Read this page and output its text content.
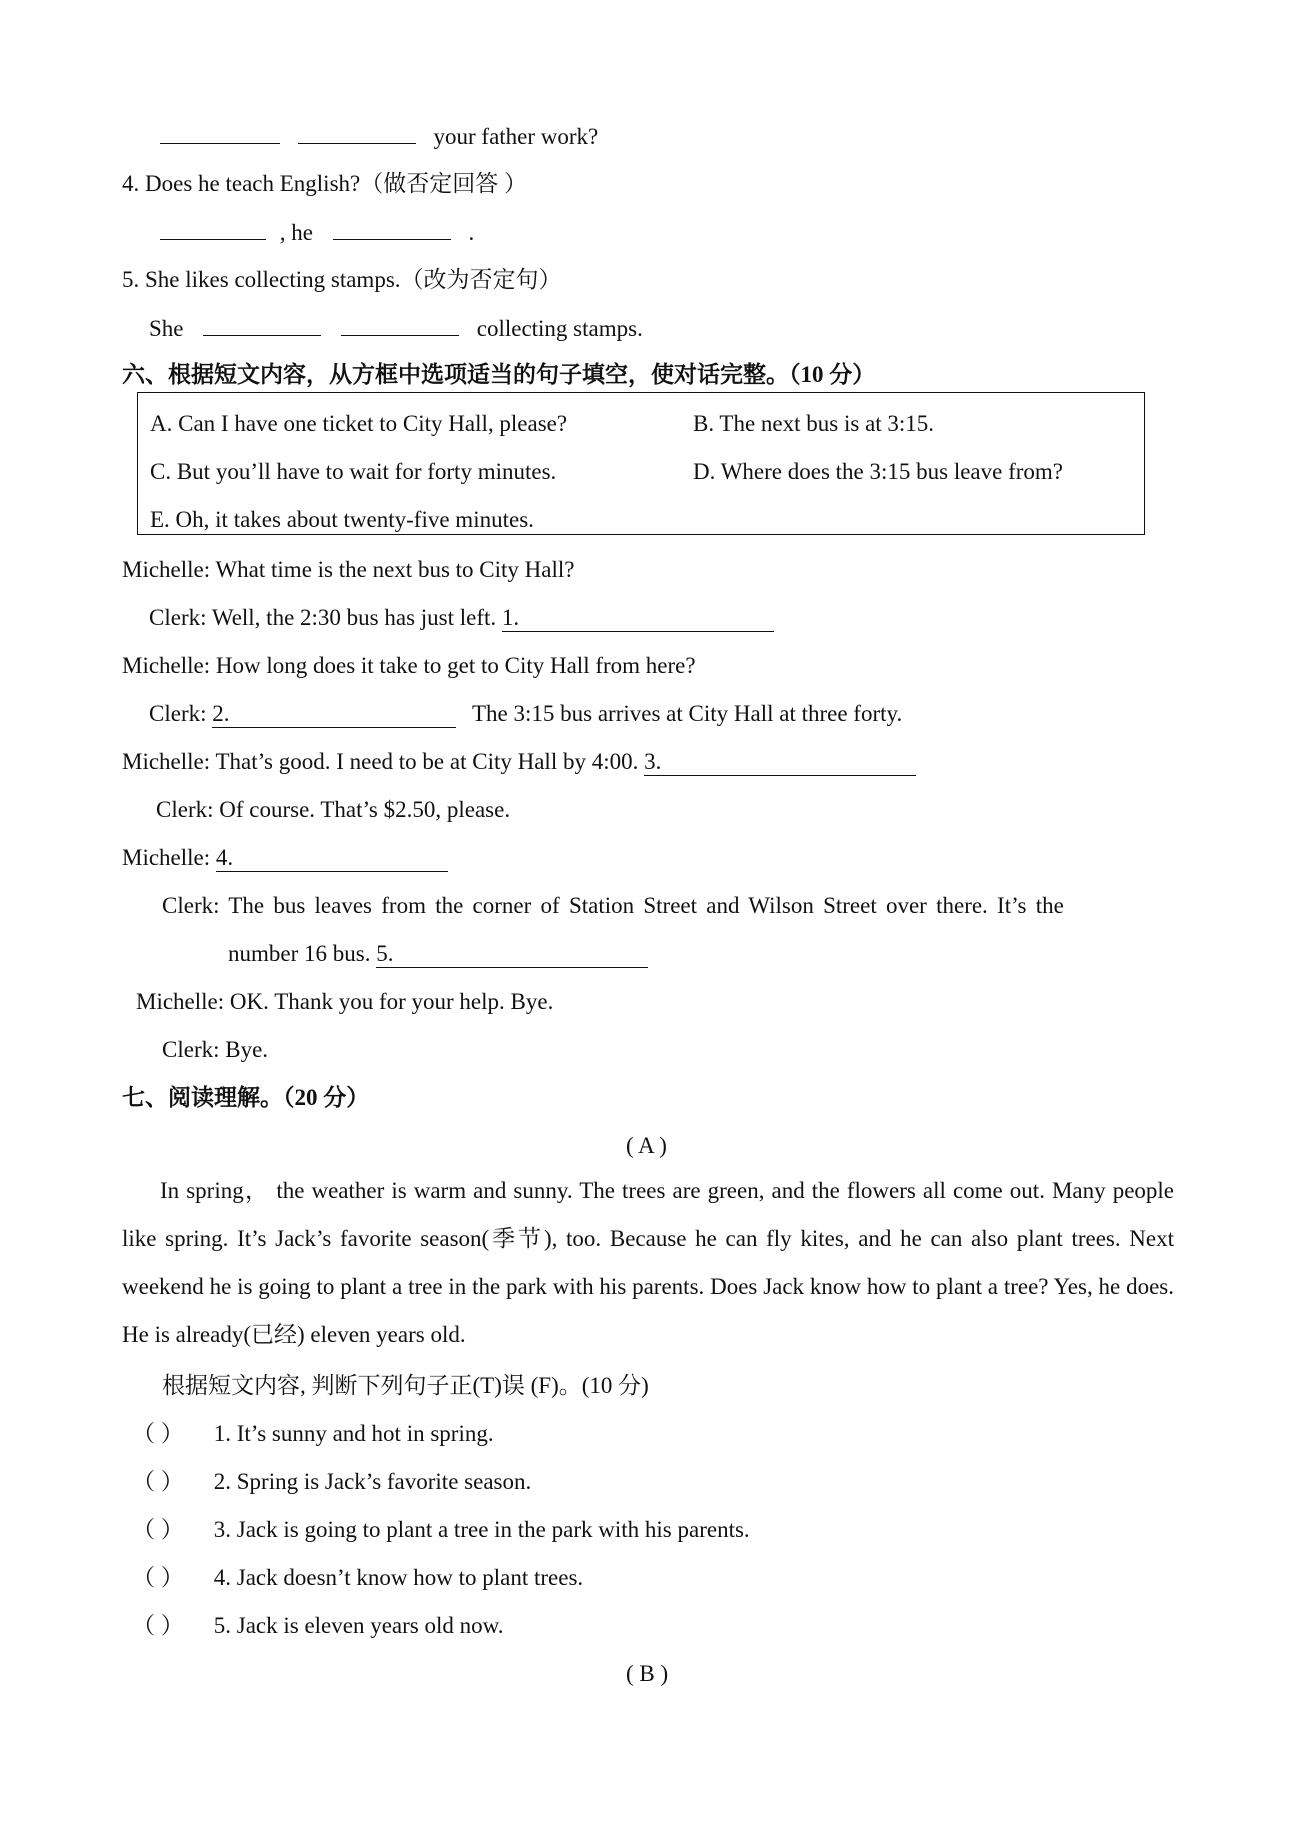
your father work?
4. Does he teach English?（做否定回答 ）
, he	.
5. She likes collecting stamps.（改为否定句）
She	collecting stamps.
六、根据短文内容，从方框中选项适当的句子填空，使对话完整。（10 分）
A. Can I have one ticket to City Hall, please?	B. The next bus is at 3:15.
C. But you’ll have to wait for forty minutes.	D. Where does the 3:15 bus leave from?
E. Oh, it takes about twenty-five minutes.
Michelle: What time is the next bus to City Hall?
Clerk: Well, the 2:30 bus has just left. 1.
Michelle: How long does it take to get to City Hall from here?
Clerk: 2.	The 3:15 bus arrives at City Hall at three forty.
Michelle: That’s good. I need to be at City Hall by 4:00. 3.
Clerk: Of course. That’s $2.50, please.
Michelle: 4.
Clerk: The bus leaves from the corner of Station Street and Wilson Street over there. It’s the
number 16 bus. 5.
Michelle: OK. Thank you for your help. Bye.
Clerk: Bye.
七、阅读理解。（20 分）
( A )
In spring， the weather is warm and sunny. The trees are green, and the flowers all come out. Many people like spring. It’s Jack’s favorite season(季节), too. Because he can fly kites, and he can also plant trees. Next weekend he is going to plant a tree in the park with his parents. Does Jack know how to plant a tree? Yes, he does. He is already(已经) eleven years old.
根据短文内容, 判断下列句子正(T)误 (F)。(10 分)
（ ） 1. It’s sunny and hot in spring.
（ ） 2. Spring is Jack’s favorite season.
（ ） 3. Jack is going to plant a tree in the park with his parents.
（ ） 4. Jack doesn’t know how to plant trees.
（ ） 5. Jack is eleven years old now.
( B )
